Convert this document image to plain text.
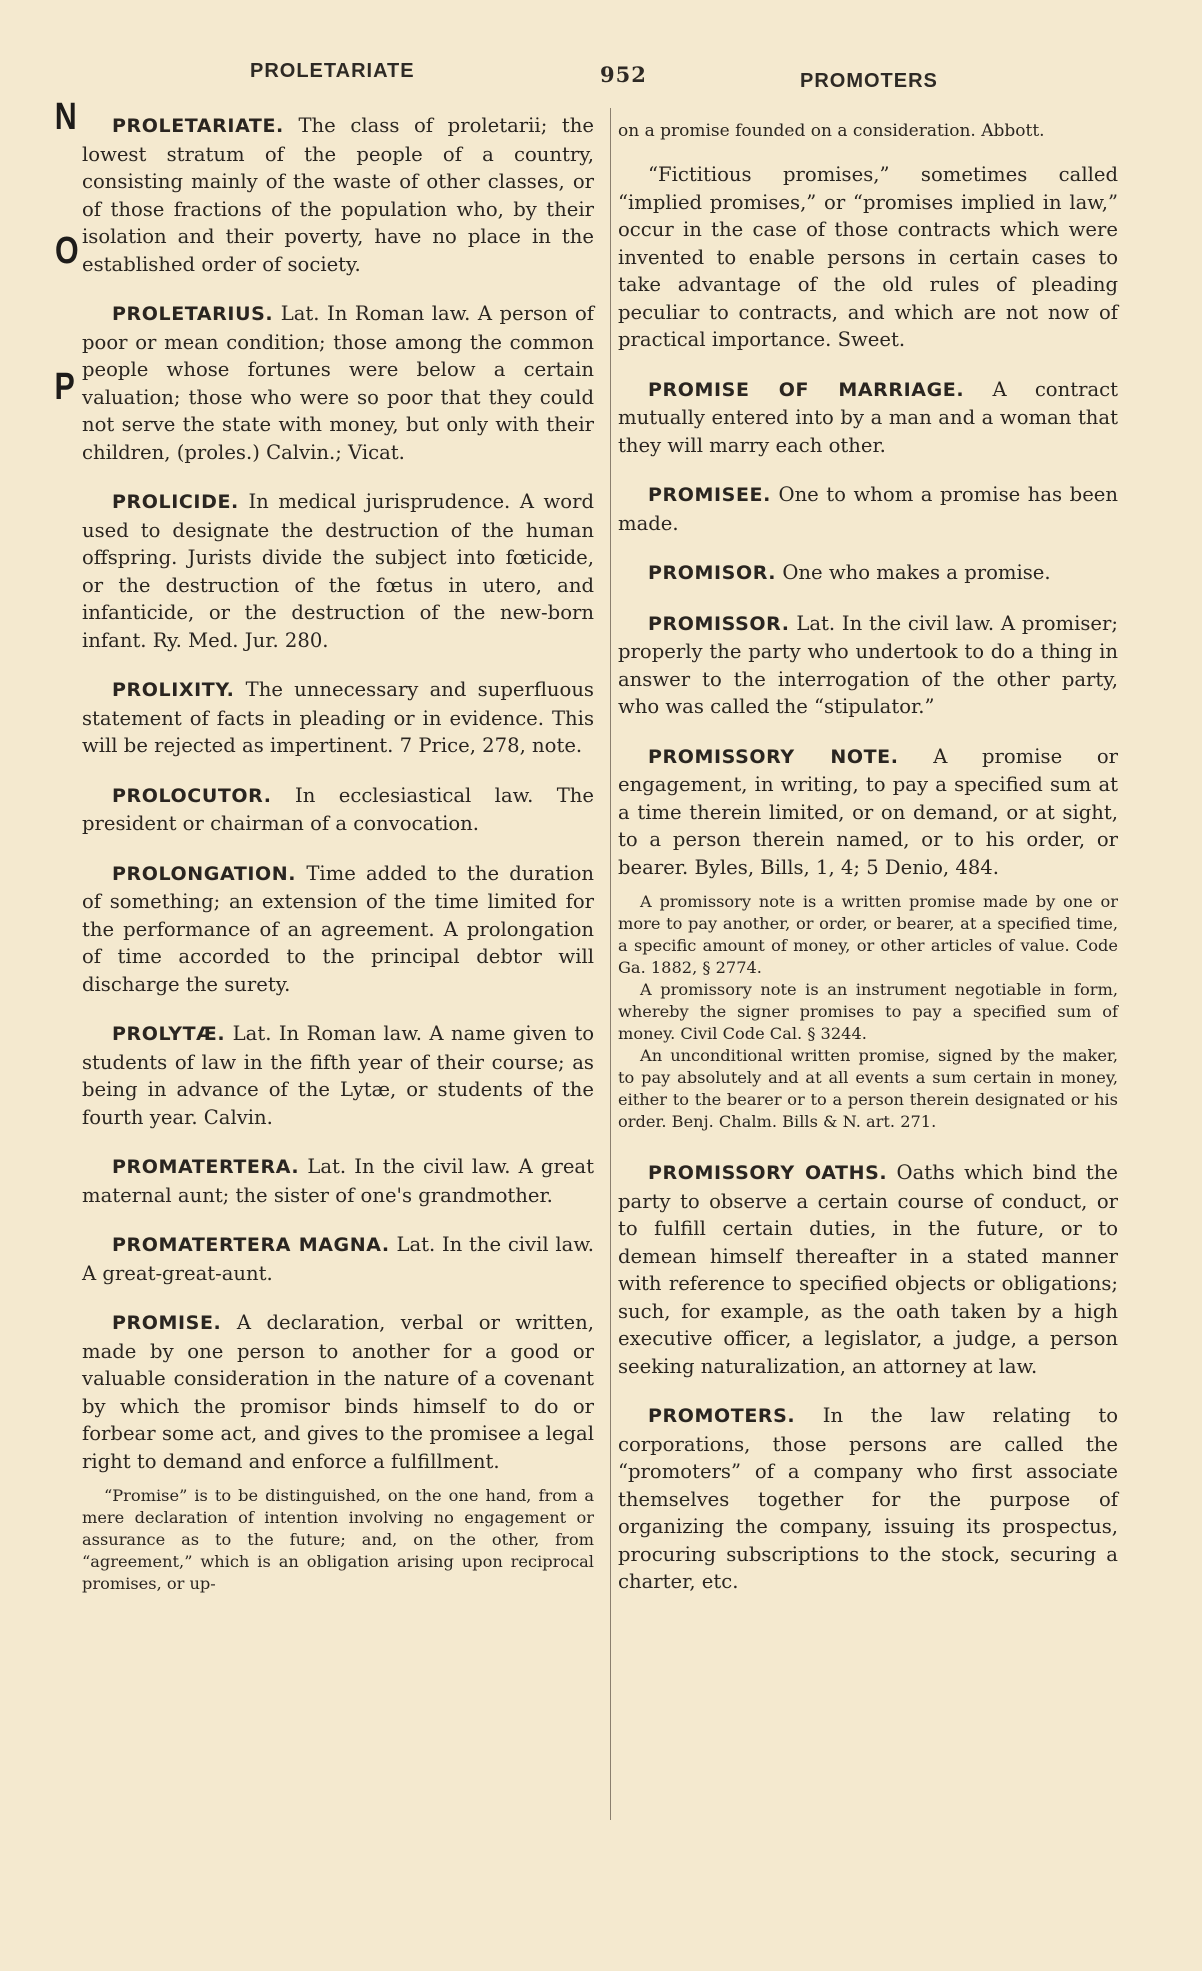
PROLETARIATE	952	PROMOTERS
N
O
P

PROLETARIATE. The class of proletarii; the lowest stratum of the people of a country, consisting mainly of the waste of other classes, or of those fractions of the population who, by their isolation and their poverty, have no place in the established order of society.

PROLETARIUS. Lat. In Roman law. A person of poor or mean condition; those among the common people whose fortunes were below a certain valuation; those who were so poor that they could not serve the state with money, but only with their children, (proles.) Calvin.; Vicat.

PROLICIDE. In medical jurisprudence. A word used to designate the destruction of the human offspring. Jurists divide the subject into fœticide, or the destruction of the fœtus in utero, and infanticide, or the destruction of the new-born infant. Ry. Med. Jur. 280.

PROLIXITY. The unnecessary and superfluous statement of facts in pleading or in evidence. This will be rejected as impertinent. 7 Price, 278, note.

PROLOCUTOR. In ecclesiastical law. The president or chairman of a convocation.

PROLONGATION. Time added to the duration of something; an extension of the time limited for the performance of an agreement. A prolongation of time accorded to the principal debtor will discharge the surety.

PROLYTÆ. Lat. In Roman law. A name given to students of law in the fifth year of their course; as being in advance of the Lytæ, or students of the fourth year. Calvin.

PROMATERTERA. Lat. In the civil law. A great maternal aunt; the sister of one's grandmother.

PROMATERTERA MAGNA. Lat. In the civil law. A great-great-aunt.

PROMISE. A declaration, verbal or written, made by one person to another for a good or valuable consideration in the nature of a covenant by which the promisor binds himself to do or forbear some act, and gives to the promisee a legal right to demand and enforce a fulfillment.

“Promise” is to be distinguished, on the one hand, from a mere declaration of intention involving no engagement or assurance as to the future; and, on the other, from “agreement,” which is an obligation arising upon reciprocal promises, or up-

on a promise founded on a consideration. Abbott.

“Fictitious promises,” sometimes called “implied promises,” or “promises implied in law,” occur in the case of those contracts which were invented to enable persons in certain cases to take advantage of the old rules of pleading peculiar to contracts, and which are not now of practical importance. Sweet.

PROMISE OF MARRIAGE. A contract mutually entered into by a man and a woman that they will marry each other.

PROMISEE. One to whom a promise has been made.

PROMISOR. One who makes a promise.

PROMISSOR. Lat. In the civil law. A promiser; properly the party who undertook to do a thing in answer to the interrogation of the other party, who was called the “stipulator.”

PROMISSORY NOTE. A promise or engagement, in writing, to pay a specified sum at a time therein limited, or on demand, or at sight, to a person therein named, or to his order, or bearer. Byles, Bills, 1, 4; 5 Denio, 484.

A promissory note is a written promise made by one or more to pay another, or order, or bearer, at a specified time, a specific amount of money, or other articles of value. Code Ga. 1882, § 2774.

A promissory note is an instrument negotiable in form, whereby the signer promises to pay a specified sum of money. Civil Code Cal. § 3244.

An unconditional written promise, signed by the maker, to pay absolutely and at all events a sum certain in money, either to the bearer or to a person therein designated or his order. Benj. Chalm. Bills & N. art. 271.

PROMISSORY OATHS. Oaths which bind the party to observe a certain course of conduct, or to fulfill certain duties, in the future, or to demean himself thereafter in a stated manner with reference to specified objects or obligations; such, for example, as the oath taken by a high executive officer, a legislator, a judge, a person seeking naturalization, an attorney at law.

PROMOTERS. In the law relating to corporations, those persons are called the “promoters” of a company who first associate themselves together for the purpose of organizing the company, issuing its prospectus, procuring subscriptions to the stock, securing a charter, etc.
